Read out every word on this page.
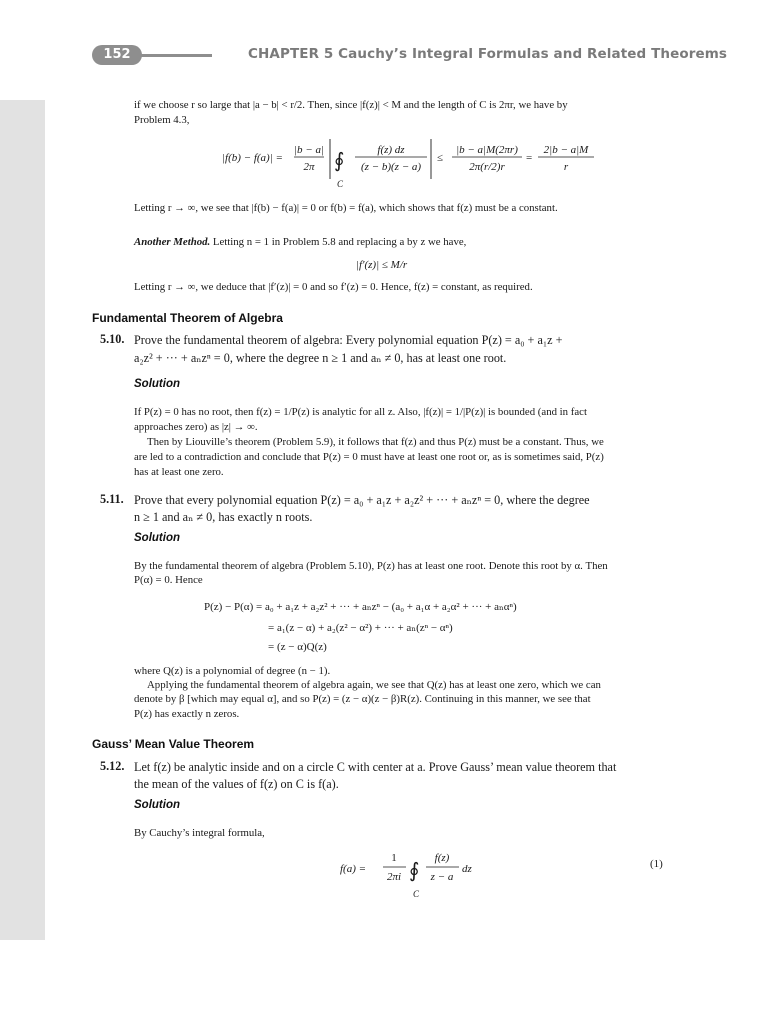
152	CHAPTER 5 Cauchy’s Integral Formulas and Related Theorems
if we choose r so large that |a − b| < r/2. Then, since |f(z)| < M and the length of C is 2πr, we have by
Problem 4.3,
|f(b) − f(a)| =
|b − a|
2π ∮
C
f(z) dz
(z − b)(z − a)
≤
|b − a|M(2πr)
2π(r/2)r
=
2|b − a|M
r
Letting r → ∞, we see that |f(b) − f(a)| = 0 or f(b) = f(a), which shows that f(z) must be a constant.
Another Method. Letting n = 1 in Problem 5.8 and replacing a by z we have,
|f′(z)| ≤ M/r
Letting r → ∞, we deduce that |f′(z)| = 0 and so f′(z) = 0. Hence, f(z) = constant, as required.
Fundamental Theorem of Algebra
5.10. Prove the fundamental theorem of algebra: Every polynomial equation P(z) = a₀ + a₁z +
a₂z² + ··· + aₙzⁿ = 0, where the degree n ≥ 1 and aₙ ≠ 0, has at least one root.
Solution
If P(z) = 0 has no root, then f(z) = 1/P(z) is analytic for all z. Also, |f(z)| = 1/|P(z)| is bounded (and in fact
approaches zero) as |z| → ∞.
Then by Liouville’s theorem (Problem 5.9), it follows that f(z) and thus P(z) must be a constant. Thus, we
are led to a contradiction and conclude that P(z) = 0 must have at least one root or, as is sometimes said, P(z)
has at least one zero.
5.11. Prove that every polynomial equation P(z) = a₀ + a₁z + a₂z² + ··· + aₙzⁿ = 0, where the degree
n ≥ 1 and aₙ ≠ 0, has exactly n roots.
Solution
By the fundamental theorem of algebra (Problem 5.10), P(z) has at least one root. Denote this root by α. Then
P(α) = 0. Hence
P(z) − P(α) = a₀ + a₁z + a₂z² + ··· + aₙzⁿ − (a₀ + a₁α + a₂α² + ··· + aₙαⁿ)
= a₁(z − α) + a₂(z² − α²) + ··· + aₙ(zⁿ − αⁿ)
= (z − α)Q(z)
where Q(z) is a polynomial of degree (n − 1).
Applying the fundamental theorem of algebra again, we see that Q(z) has at least one zero, which we can
denote by β [which may equal α], and so P(z) = (z − α)(z − β)R(z). Continuing in this manner, we see that
P(z) has exactly n zeros.
Gauss’ Mean Value Theorem
5.12. Let f(z) be analytic inside and on a circle C with center at a. Prove Gauss’ mean value theorem that
the mean of the values of f(z) on C is f(a).
Solution
By Cauchy’s integral formula,
f(a) =
1
2πi ∮
C
f(z)
z − a
dz	(1)
